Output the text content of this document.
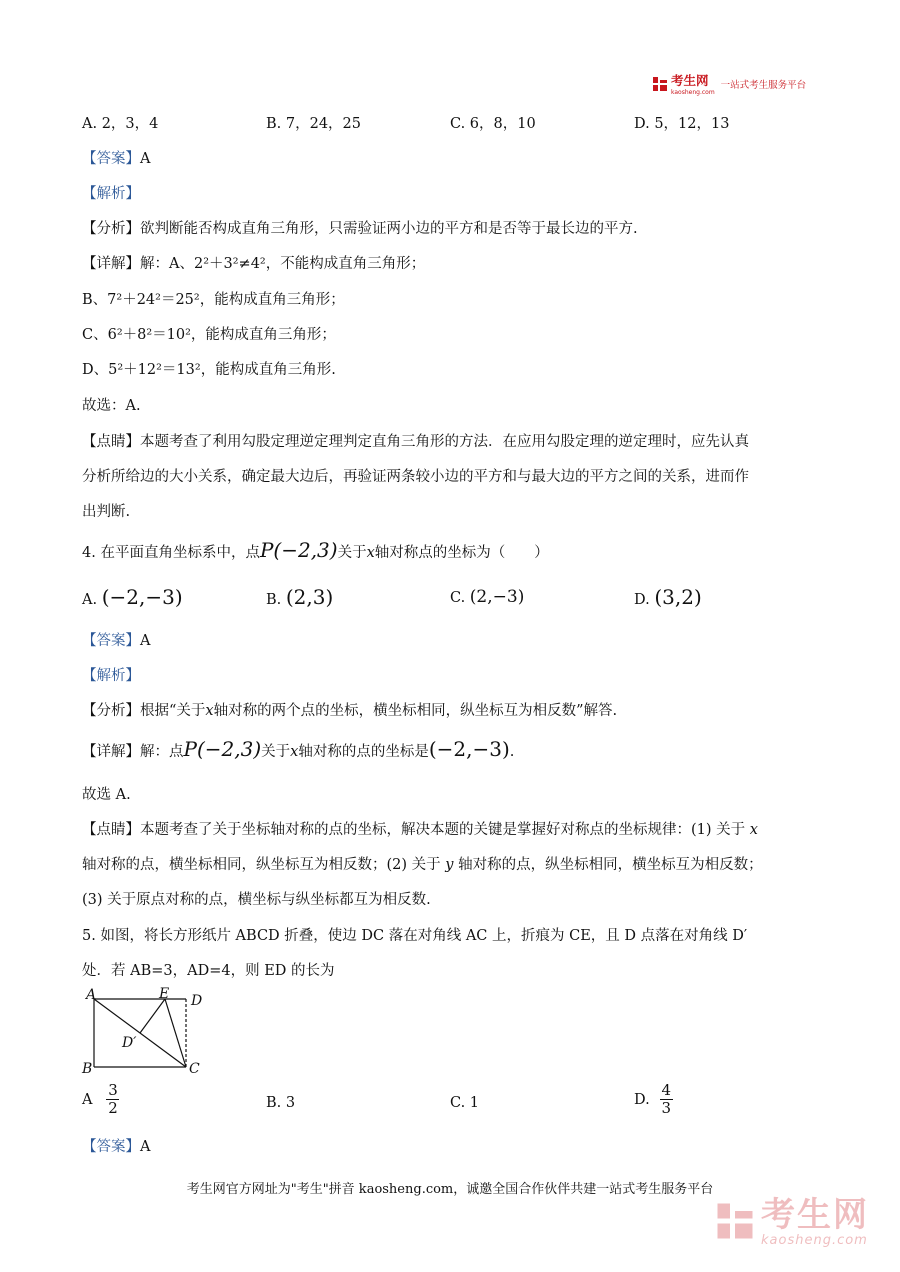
考生网
kaosheng.com
一站式考生服务平台
A. 2，3，4	B. 7，24，25	C. 6，8，10	D. 5，12，13
【答案】A
【解析】
【分析】欲判断能否构成直角三角形，只需验证两小边的平方和是否等于最长边的平方.
【详解】解：A、2²＋3²≠4²，不能构成直角三角形；
B、7²＋24²＝25²，能构成直角三角形；
C、6²＋8²＝10²，能构成直角三角形；
D、5²＋12²＝13²，能构成直角三角形.
故选：A.
【点睛】本题考查了利用勾股定理逆定理判定直角三角形的方法．在应用勾股定理的逆定理时，应先认真
分析所给边的大小关系，确定最大边后，再验证两条较小边的平方和与最大边的平方之间的关系，进而作
出判断.
4. 在平面直角坐标系中，点P(−2,3)关于x轴对称点的坐标为（　　）
A. (−2,−3)	B. (2,3)	C. (2,−3)	D. (3,2)
【答案】A
【解析】
【分析】根据“关于x轴对称的两个点的坐标，横坐标相同，纵坐标互为相反数”解答.
【详解】解：点P(−2,3)关于x轴对称的点的坐标是(−2,−3).
故选 A.
【点睛】本题考查了关于坐标轴对称的点的坐标，解决本题的关键是掌握好对称点的坐标规律：(1) 关于 x
轴对称的点，横坐标相同，纵坐标互为相反数；(2) 关于 y 轴对称的点，纵坐标相同，横坐标互为相反数；
(3) 关于原点对称的点，横坐标与纵坐标都互为相反数.
5. 如图，将长方形纸片 ABCD 折叠，使边 DC 落在对角线 AC 上，折痕为 CE，且 D 点落在对角线 D′
处．若 AB=3，AD=4，则 ED 的长为
A	E D
D′
B	C
A $\frac{3}{2}$	B. 3	C. 1	D. $\frac{4}{3}$
【答案】A
考生网官方网址为"考生"拼音 kaosheng.com，诚邀全国合作伙伴共建一站式考生服务平台
考生网
kaosheng.com
